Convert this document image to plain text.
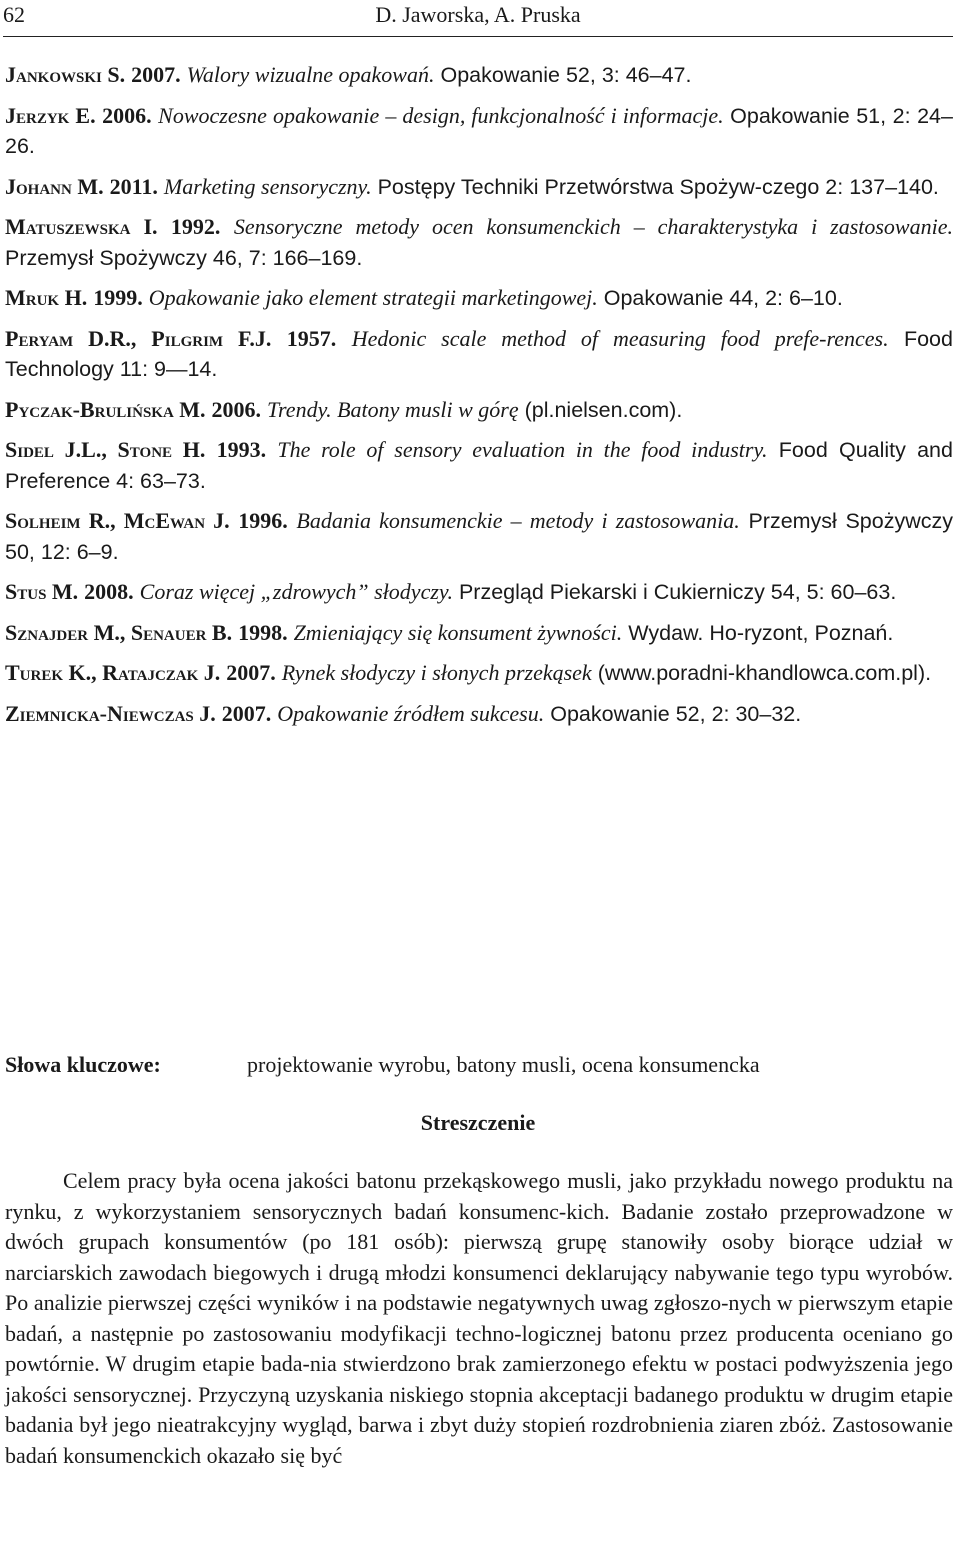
62	D. Jaworska, A. Pruska

Jankowski S. 2007. Walory wizualne opakowań. Opakowanie 52, 3: 46–47.

Jerzyk E. 2006. Nowoczesne opakowanie – design, funkcjonalność i informacje. Opakowanie 51, 2: 24–26.

Johann M. 2011. Marketing sensoryczny. Postępy Techniki Przetwórstwa Spożyw-czego 2: 137–140.

Matuszewska I. 1992. Sensoryczne metody ocen konsumenckich – charakterystyka i zastosowanie. Przemysł Spożywczy 46, 7: 166–169.

Mruk H. 1999. Opakowanie jako element strategii marketingowej. Opakowanie 44, 2: 6–10.

Peryam D.R., Pilgrim F.J. 1957. Hedonic scale method of measuring food prefe-rences. Food Technology 11: 9—14.

Pyczak-Brulińska M. 2006. Trendy. Batony musli w górę (pl.nielsen.com).

Sidel J.L., Stone H. 1993. The role of sensory evaluation in the food industry. Food Quality and Preference 4: 63–73.

Solheim R., McEwan J. 1996. Badania konsumenckie – metody i zastosowania. Przemysł Spożywczy 50, 12: 6–9.

Stus M. 2008. Coraz więcej „zdrowych” słodyczy. Przegląd Piekarski i Cukierniczy 54, 5: 60–63.

Sznajder M., Senauer B. 1998. Zmieniający się konsument żywności. Wydaw. Ho-ryzont, Poznań.

Turek K., Ratajczak J. 2007. Rynek słodyczy i słonych przekąsek (www.poradni-khandlowca.com.pl).

Ziemnicka-Niewczas J. 2007. Opakowanie źródłem sukcesu. Opakowanie 52, 2: 30–32.

Słowa kluczowe:	projektowanie wyrobu, batony musli, ocena konsumencka
Streszczenie

Celem pracy była ocena jakości batonu przekąskowego musli, jako przykładu nowego produktu na rynku, z wykorzystaniem sensorycznych badań konsumenc-kich. Badanie zostało przeprowadzone w dwóch grupach konsumentów (po 181 osób): pierwszą grupę stanowiły osoby biorące udział w narciarskich zawodach biegowych i drugą młodzi konsumenci deklarujący nabywanie tego typu wyrobów. Po analizie pierwszej części wyników i na podstawie negatywnych uwag zgłoszo-nych w pierwszym etapie badań, a następnie po zastosowaniu modyfikacji techno-logicznej batonu przez producenta oceniano go powtórnie. W drugim etapie bada-nia stwierdzono brak zamierzonego efektu w postaci podwyższenia jego jakości sensorycznej. Przyczyną uzyskania niskiego stopnia akceptacji badanego produktu w drugim etapie badania był jego nieatrakcyjny wygląd, barwa i zbyt duży stopień rozdrobnienia ziaren zbóż. Zastosowanie badań konsumenckich okazało się być
